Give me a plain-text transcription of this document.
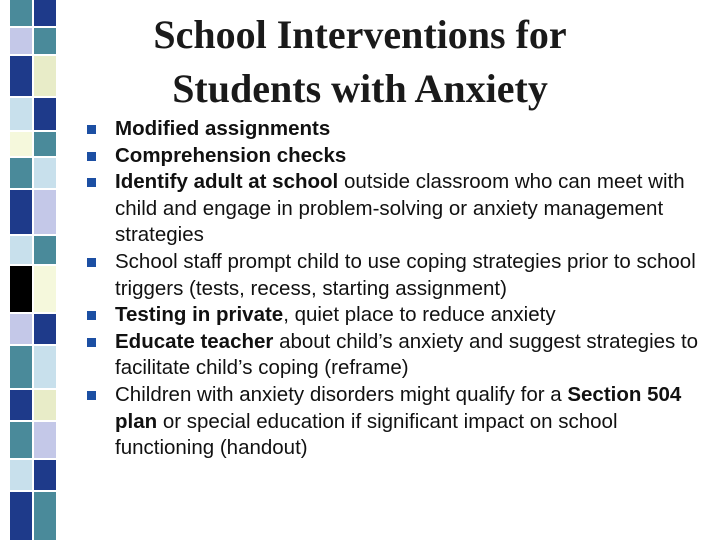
School Interventions for
Students with Anxiety
Modified assignments
Comprehension checks
Identify adult at school outside classroom who can meet with child and engage in problem-solving or anxiety management strategies
School staff prompt child to use coping strategies prior to school triggers (tests, recess, starting assignment)
Testing in private, quiet place to reduce anxiety
Educate teacher about child’s anxiety and suggest strategies to facilitate child’s coping (reframe)
Children with anxiety disorders might qualify for a Section 504 plan or special education if significant impact on school functioning (handout)
